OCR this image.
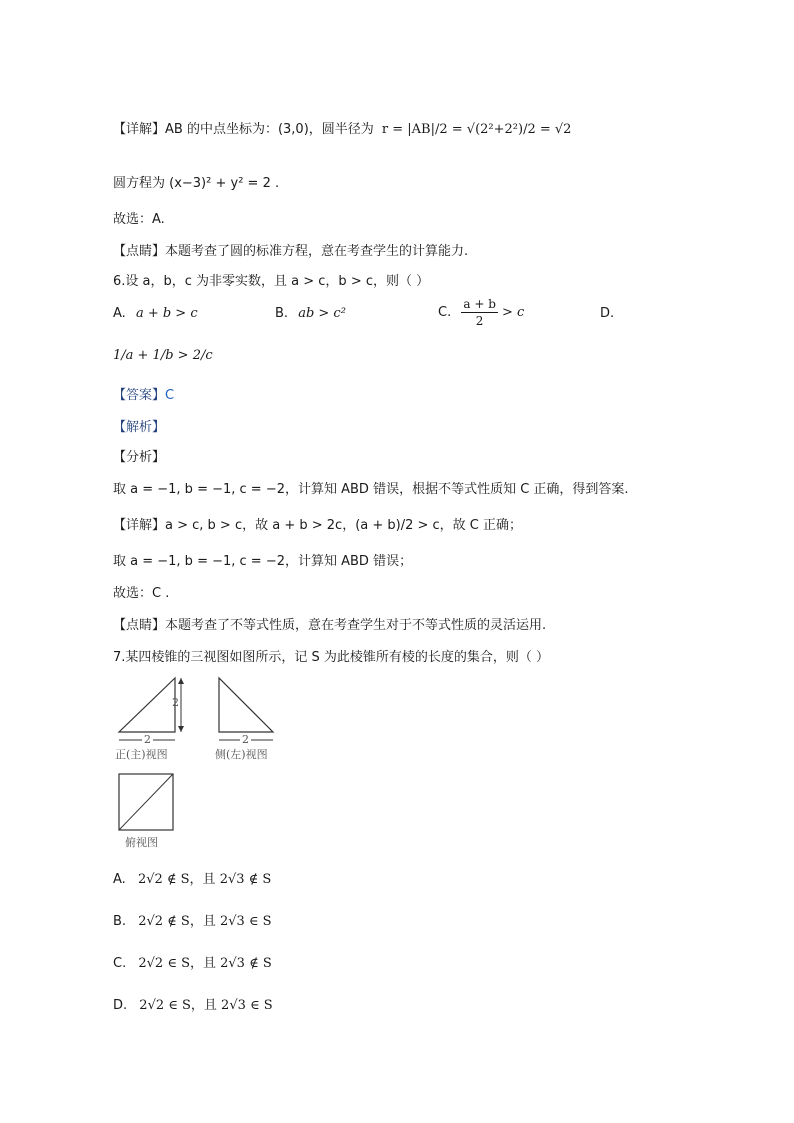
【详解】AB 的中点坐标为：(3,0)，圆半径为 r = |AB|/2 = √(2²+2²)/2 = √2
圆方程为 (x−3)² + y² = 2 .
故选：A.
【点睛】本题考查了圆的标准方程，意在考查学生的计算能力.
6.设 a，b，c 为非零实数，且 a > c，b > c，则（ ）
A. a + b > c	B. ab > c²	C. $\frac{a + b}{2} > c$	D.
1/a + 1/b > 2/c
【答案】C
【解析】
【分析】
取 a = −1, b = −1, c = −2，计算知 ABD 错误，根据不等式性质知 C 正确，得到答案.
【详解】a > c, b > c，故 a + b > 2c，(a + b)/2 > c，故 C 正确；
取 a = −1, b = −1, c = −2，计算知 ABD 错误；
故选：C .
【点睛】本题考查了不等式性质，意在考查学生对于不等式性质的灵活运用.
7.某四棱锥的三视图如图所示，记 S 为此棱锥所有棱的长度的集合，则（ ）
2
2	2
正(主)视图	侧(左)视图
俯视图
A. 2√2 ∉ S，且 2√3 ∉ S
B. 2√2 ∉ S，且 2√3 ∈ S
C. 2√2 ∈ S，且 2√3 ∉ S
D. 2√2 ∈ S，且 2√3 ∈ S
